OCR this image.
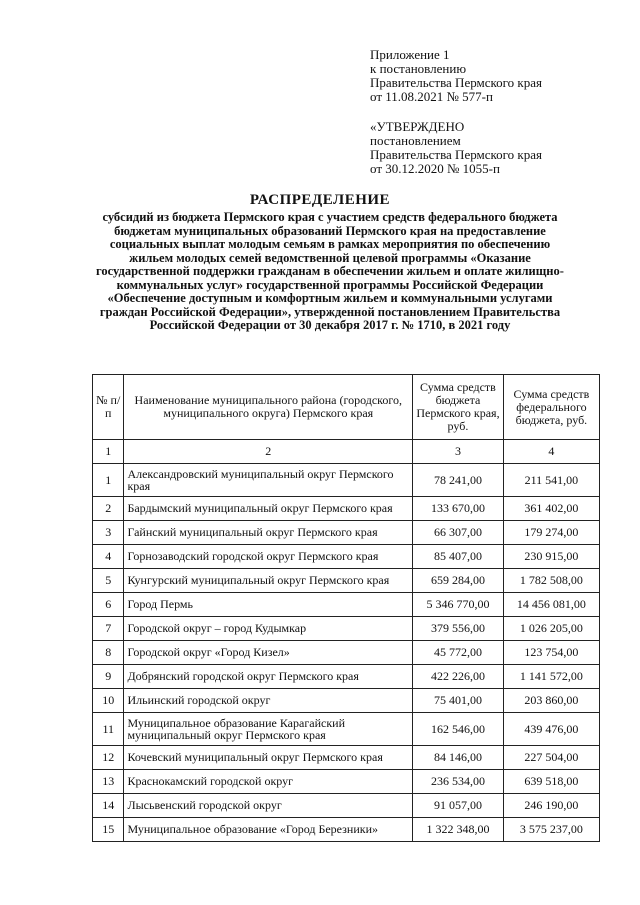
Приложение 1
к постановлению
Правительства Пермского края
от 11.08.2021 № 577-п
«УТВЕРЖДЕНО
постановлением
Правительства Пермского края
от 30.12.2020 № 1055-п
РАСПРЕДЕЛЕНИЕ
субсидий из бюджета Пермского края с участием средств федерального бюджета бюджетам муниципальных образований Пермского края на предоставление социальных выплат молодым семьям в рамках мероприятия по обеспечению жильем молодых семей ведомственной целевой программы «Оказание государственной поддержки гражданам в обеспечении жильем и оплате жилищно-коммунальных услуг» государственной программы Российской Федерации «Обеспечение доступным и комфортным жильем и коммунальными услугами граждан Российской Федерации», утвержденной постановлением Правительства Российской Федерации от 30 декабря 2017 г. № 1710, в 2021 году
№ п/п	Наименование муниципального района (городского, муниципального округа) Пермского края	Сумма средств бюджета Пермского края, руб.	Сумма средств федерального бюджета, руб.
1	2	3	4
1	Александровский муниципальный округ Пермского края	78 241,00	211 541,00
2	Бардымский муниципальный округ Пермского края	133 670,00	361 402,00
3	Гайнский муниципальный округ Пермского края	66 307,00	179 274,00
4	Горнозаводский городской округ Пермского края	85 407,00	230 915,00
5	Кунгурский муниципальный округ Пермского края	659 284,00	1 782 508,00
6	Город Пермь	5 346 770,00	14 456 081,00
7	Городской округ – город Кудымкар	379 556,00	1 026 205,00
8	Городской округ «Город Кизел»	45 772,00	123 754,00
9	Добрянский городской округ Пермского края	422 226,00	1 141 572,00
10	Ильинский городской округ	75 401,00	203 860,00
11	Муниципальное образование Карагайский муниципальный округ Пермского края	162 546,00	439 476,00
12	Кочевский муниципальный округ Пермского края	84 146,00	227 504,00
13	Краснокамский городской округ	236 534,00	639 518,00
14	Лысьвенский городской округ	91 057,00	246 190,00
15	Муниципальное образование «Город Березники»	1 322 348,00	3 575 237,00
